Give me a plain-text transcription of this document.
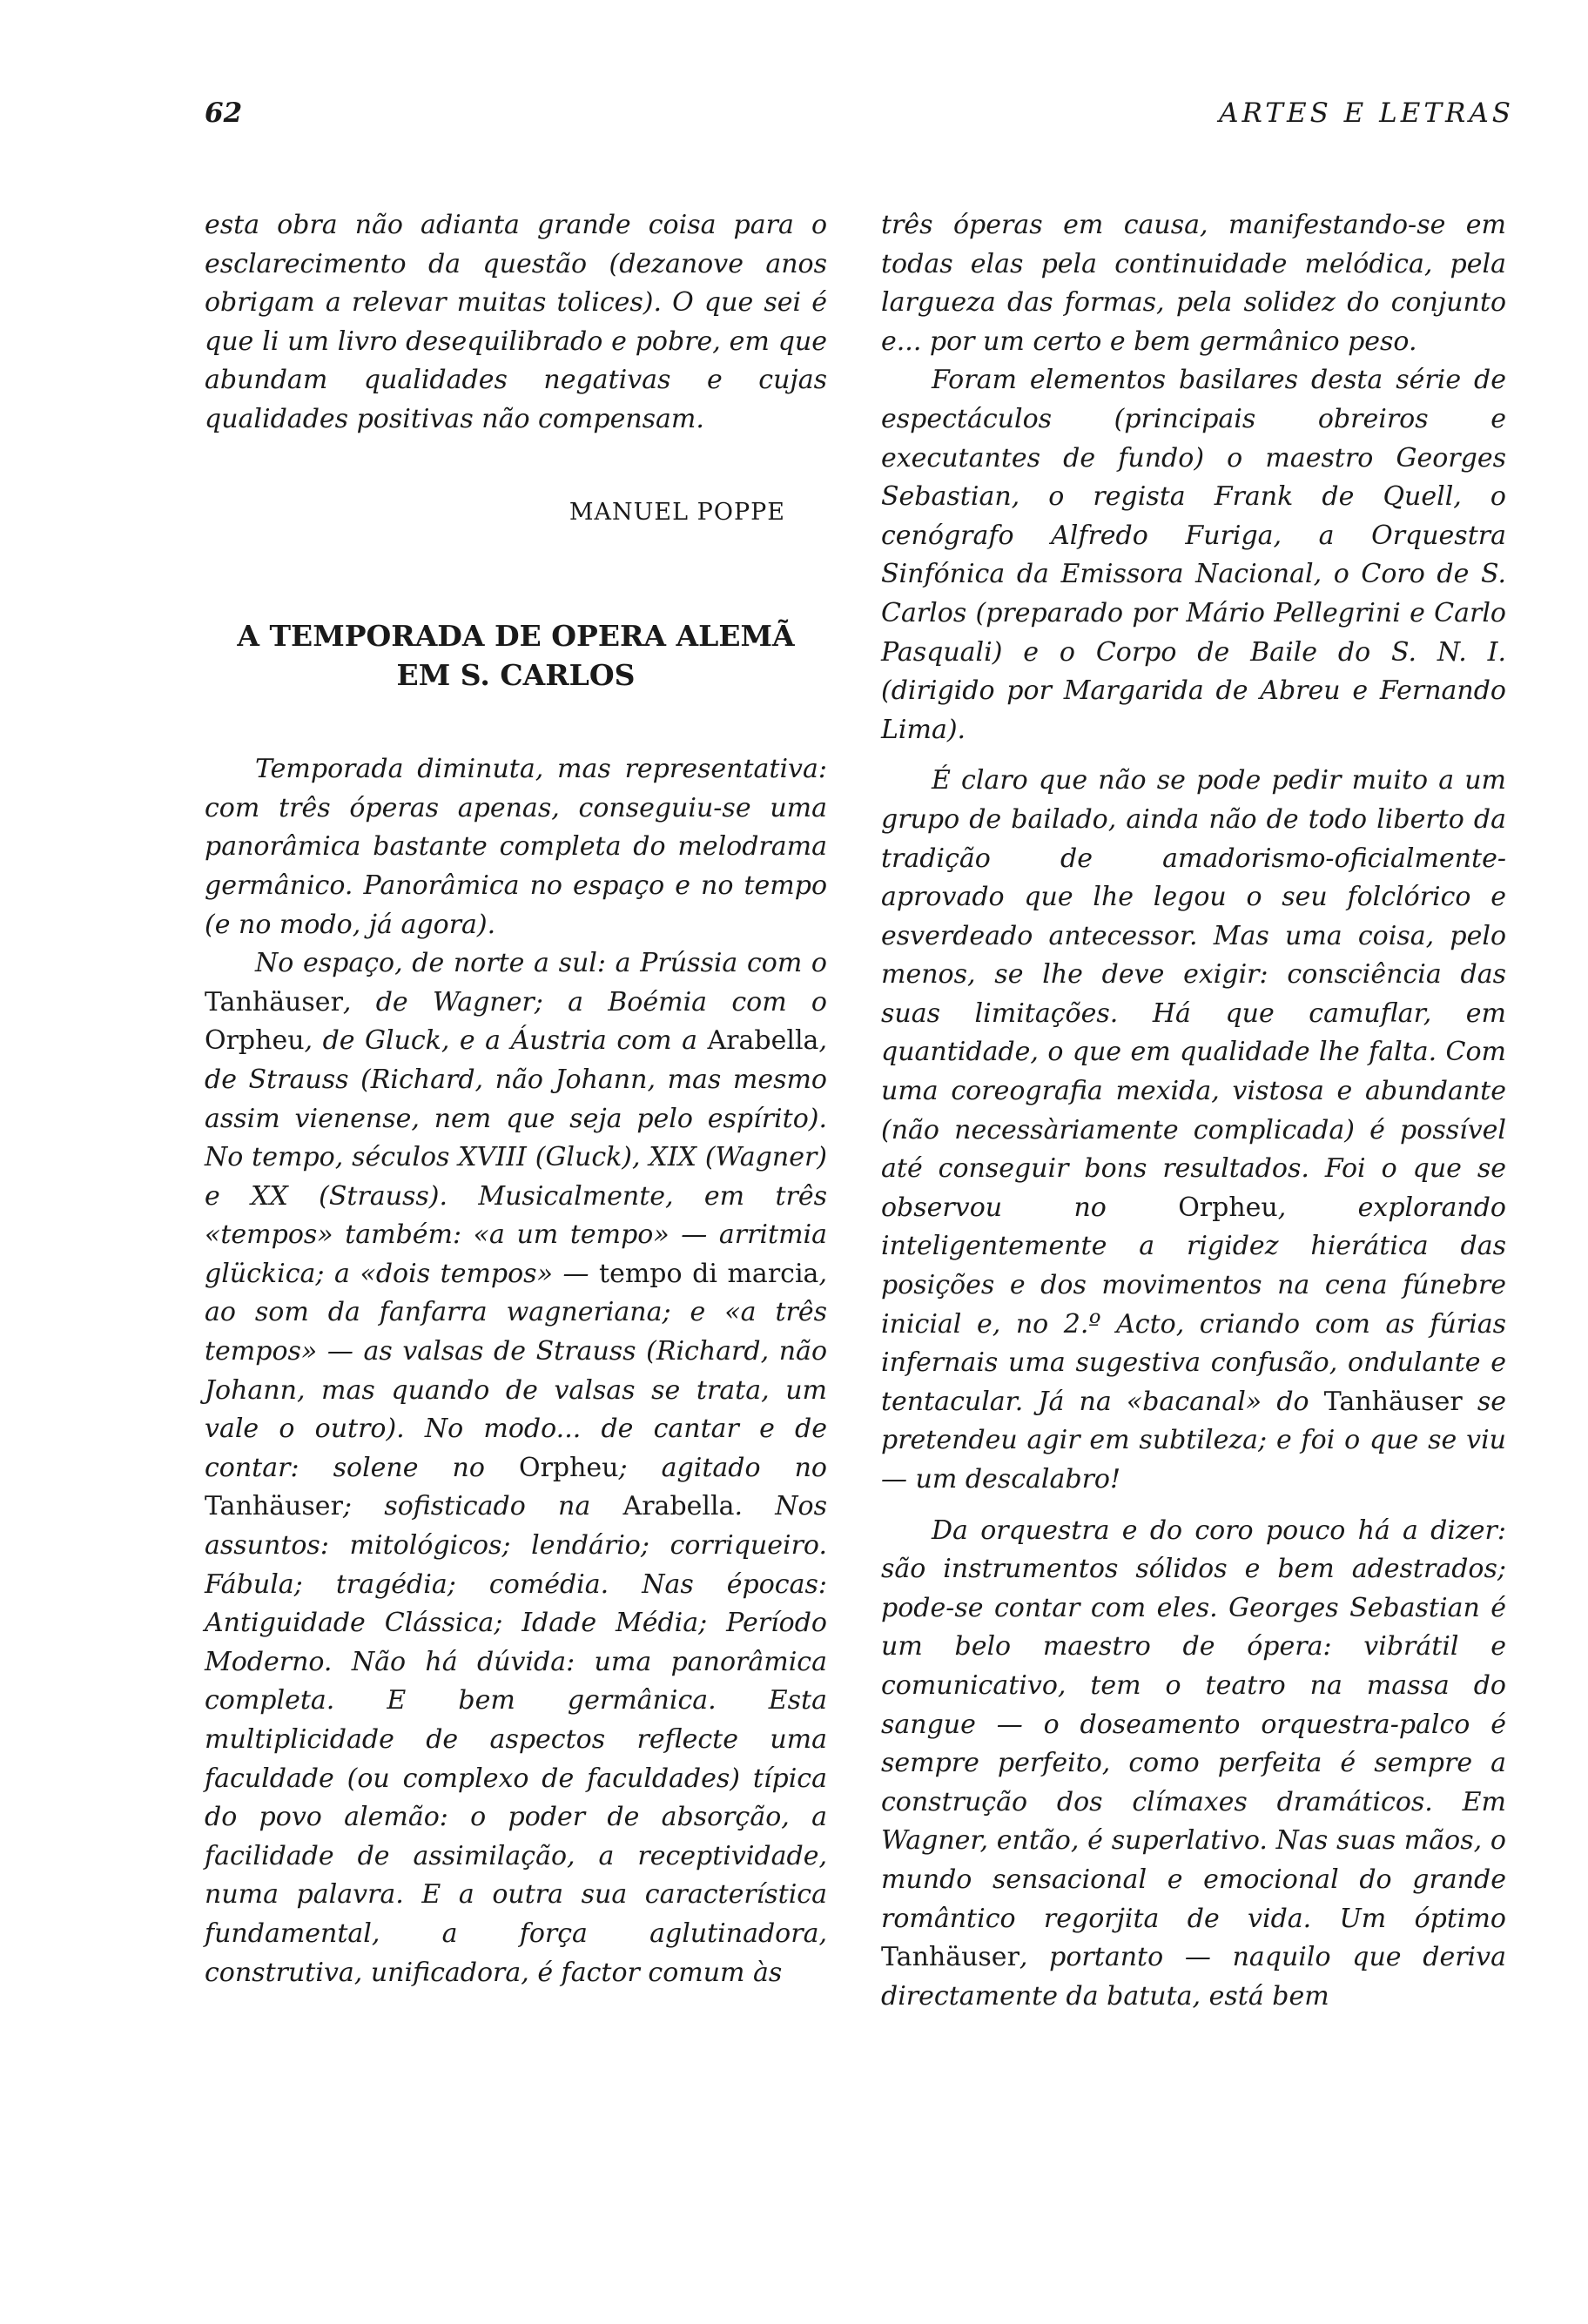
62	ARTES E LETRAS

esta obra não adianta grande coisa para o esclarecimento da questão (dezanove anos obrigam a relevar muitas tolices). O que sei é que li um livro desequilibrado e pobre, em que abundam qualidades negativas e cujas qualidades positivas não compensam.

MANUEL POPPE
A TEMPORADA DE OPERA ALEMÃ
EM S. CARLOS

Temporada diminuta, mas representativa: com três óperas apenas, conseguiu-se uma panorâmica bastante completa do melodrama germânico. Panorâmica no espaço e no tempo (e no modo, já agora).

No espaço, de norte a sul: a Prússia com o Tanhäuser, de Wagner; a Boémia com o Orpheu, de Gluck, e a Áustria com a Arabella, de Strauss (Richard, não Johann, mas mesmo assim vienense, nem que seja pelo espírito). No tempo, séculos XVIII (Gluck), XIX (Wagner) e XX (Strauss). Musicalmente, em três «tempos» também: «a um tempo» — arritmia glückica; a «dois tempos» — tempo di marcia, ao som da fanfarra wagneriana; e «a três tempos» — as valsas de Strauss (Richard, não Johann, mas quando de valsas se trata, um vale o outro). No modo... de cantar e de contar: solene no Orpheu; agitado no Tanhäuser; sofisticado na Arabella. Nos assuntos: mitológicos; lendário; corriqueiro. Fábula; tragédia; comédia. Nas épocas: Antiguidade Clássica; Idade Média; Período Moderno. Não há dúvida: uma panorâmica completa. E bem germânica. Esta multiplicidade de aspectos reflecte uma faculdade (ou complexo de faculdades) típica do povo alemão: o poder de absorção, a facilidade de assimilação, a receptividade, numa palavra. E a outra sua característica fundamental, a força aglutinadora, construtiva, unificadora, é factor comum às

três óperas em causa, manifestando-se em todas elas pela continuidade melódica, pela largueza das formas, pela solidez do conjunto e... por um certo e bem germânico peso.

Foram elementos basilares desta série de espectáculos (principais obreiros e executantes de fundo) o maestro Georges Sebastian, o regista Frank de Quell, o cenógrafo Alfredo Furiga, a Orquestra Sinfónica da Emissora Nacional, o Coro de S. Carlos (preparado por Mário Pellegrini e Carlo Pasquali) e o Corpo de Baile do S. N. I. (dirigido por Margarida de Abreu e Fernando Lima).

É claro que não se pode pedir muito a um grupo de bailado, ainda não de todo liberto da tradição de amadorismo-oficialmente-aprovado que lhe legou o seu folclórico e esverdeado antecessor. Mas uma coisa, pelo menos, se lhe deve exigir: consciência das suas limitações. Há que camuflar, em quantidade, o que em qualidade lhe falta. Com uma coreografia mexida, vistosa e abundante (não necessàriamente complicada) é possível até conseguir bons resultados. Foi o que se observou no Orpheu, explorando inteligentemente a rigidez hierática das posições e dos movimentos na cena fúnebre inicial e, no 2.º Acto, criando com as fúrias infernais uma sugestiva confusão, ondulante e tentacular. Já na «bacanal» do Tanhäuser se pretendeu agir em subtileza; e foi o que se viu — um descalabro!

Da orquestra e do coro pouco há a dizer: são instrumentos sólidos e bem adestrados; pode-se contar com eles. Georges Sebastian é um belo maestro de ópera: vibrátil e comunicativo, tem o teatro na massa do sangue — o doseamento orquestra-palco é sempre perfeito, como perfeita é sempre a construção dos clímaxes dramáticos. Em Wagner, então, é superlativo. Nas suas mãos, o mundo sensacional e emocional do grande romântico regorjita de vida. Um óptimo Tanhäuser, portanto — naquilo que deriva directamente da batuta, está bem
